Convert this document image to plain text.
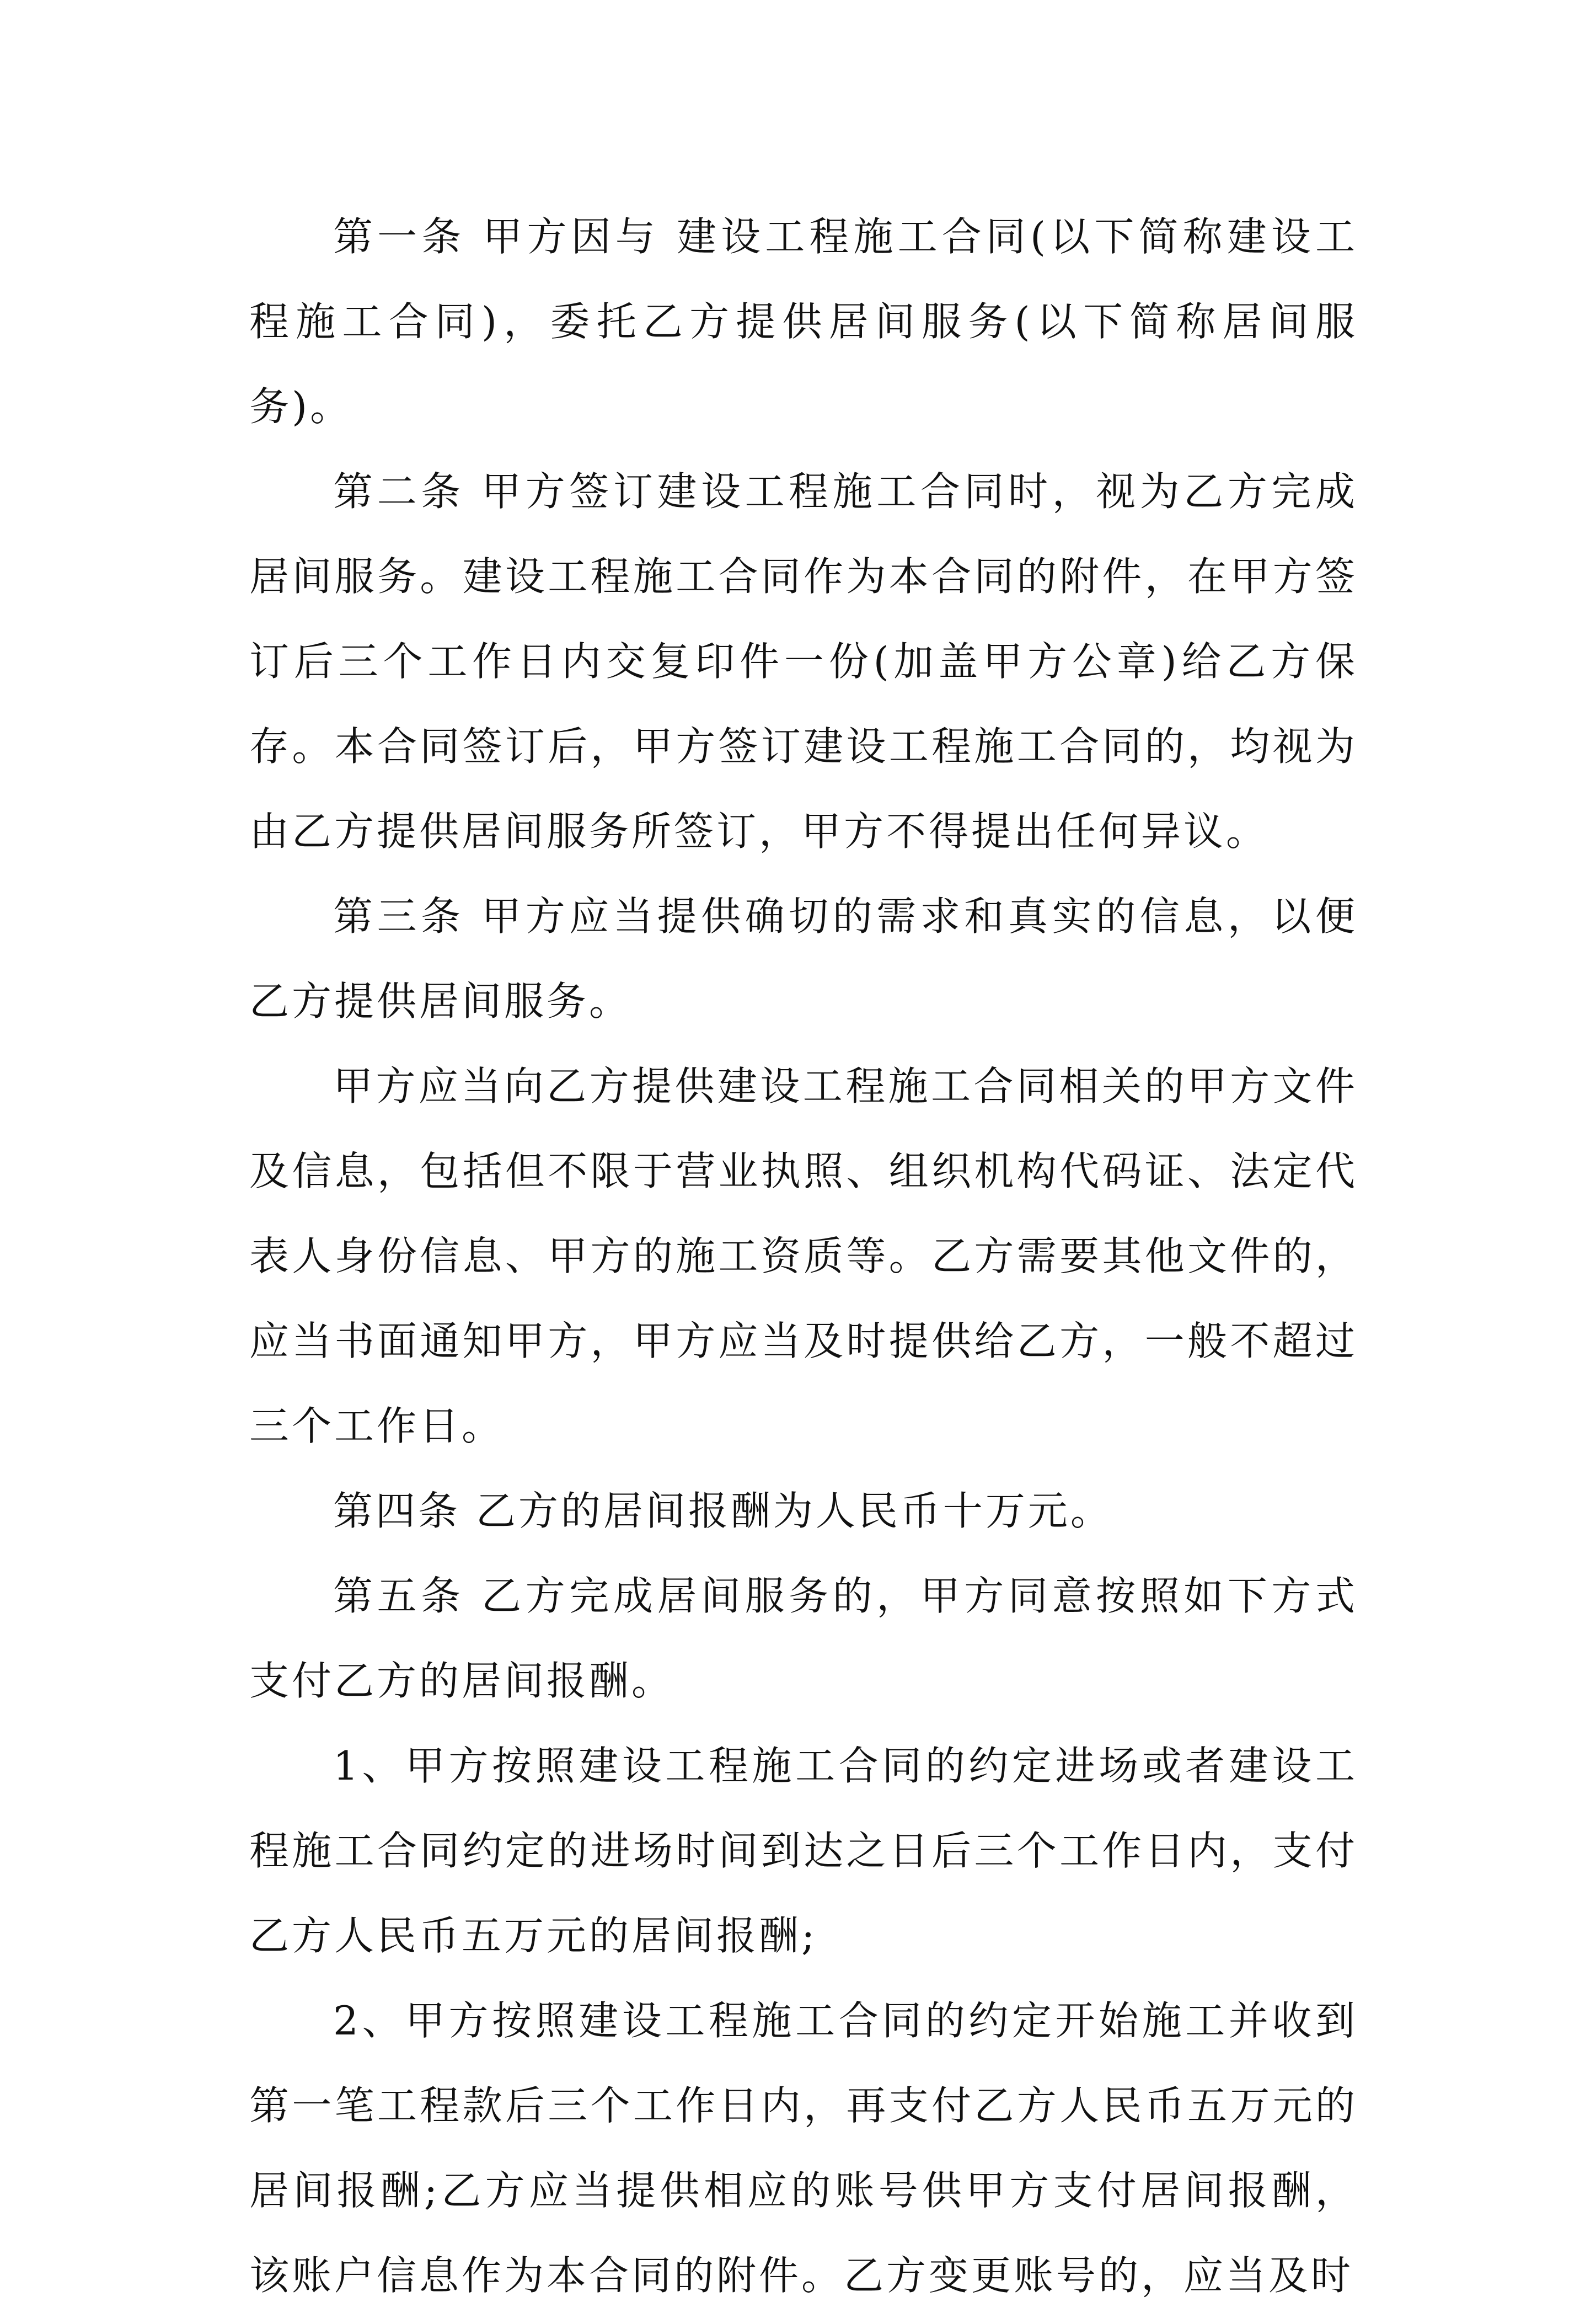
第一条 甲方因与 建设工程施工合同(以下简称建设工程施工合同)，委托乙方提供居间服务(以下简称居间服务)。

第二条 甲方签订建设工程施工合同时，视为乙方完成居间服务。建设工程施工合同作为本合同的附件，在甲方签订后三个工作日内交复印件一份(加盖甲方公章)给乙方保存。本合同签订后，甲方签订建设工程施工合同的，均视为由乙方提供居间服务所签订，甲方不得提出任何异议。

第三条 甲方应当提供确切的需求和真实的信息，以便乙方提供居间服务。

甲方应当向乙方提供建设工程施工合同相关的甲方文件及信息，包括但不限于营业执照、组织机构代码证、法定代表人身份信息、甲方的施工资质等。乙方需要其他文件的，应当书面通知甲方，甲方应当及时提供给乙方，一般不超过三个工作日。

第四条 乙方的居间报酬为人民币十万元。

第五条 乙方完成居间服务的，甲方同意按照如下方式支付乙方的居间报酬。

1、甲方按照建设工程施工合同的约定进场或者建设工程施工合同约定的进场时间到达之日后三个工作日内，支付乙方人民币五万元的居间报酬;

2、甲方按照建设工程施工合同的约定开始施工并收到第一笔工程款后三个工作日内，再支付乙方人民币五万元的居间报酬;乙方应当提供相应的账号供甲方支付居间报酬，该账户信息作为本合同的附件。乙方变更账号的，应当及时
